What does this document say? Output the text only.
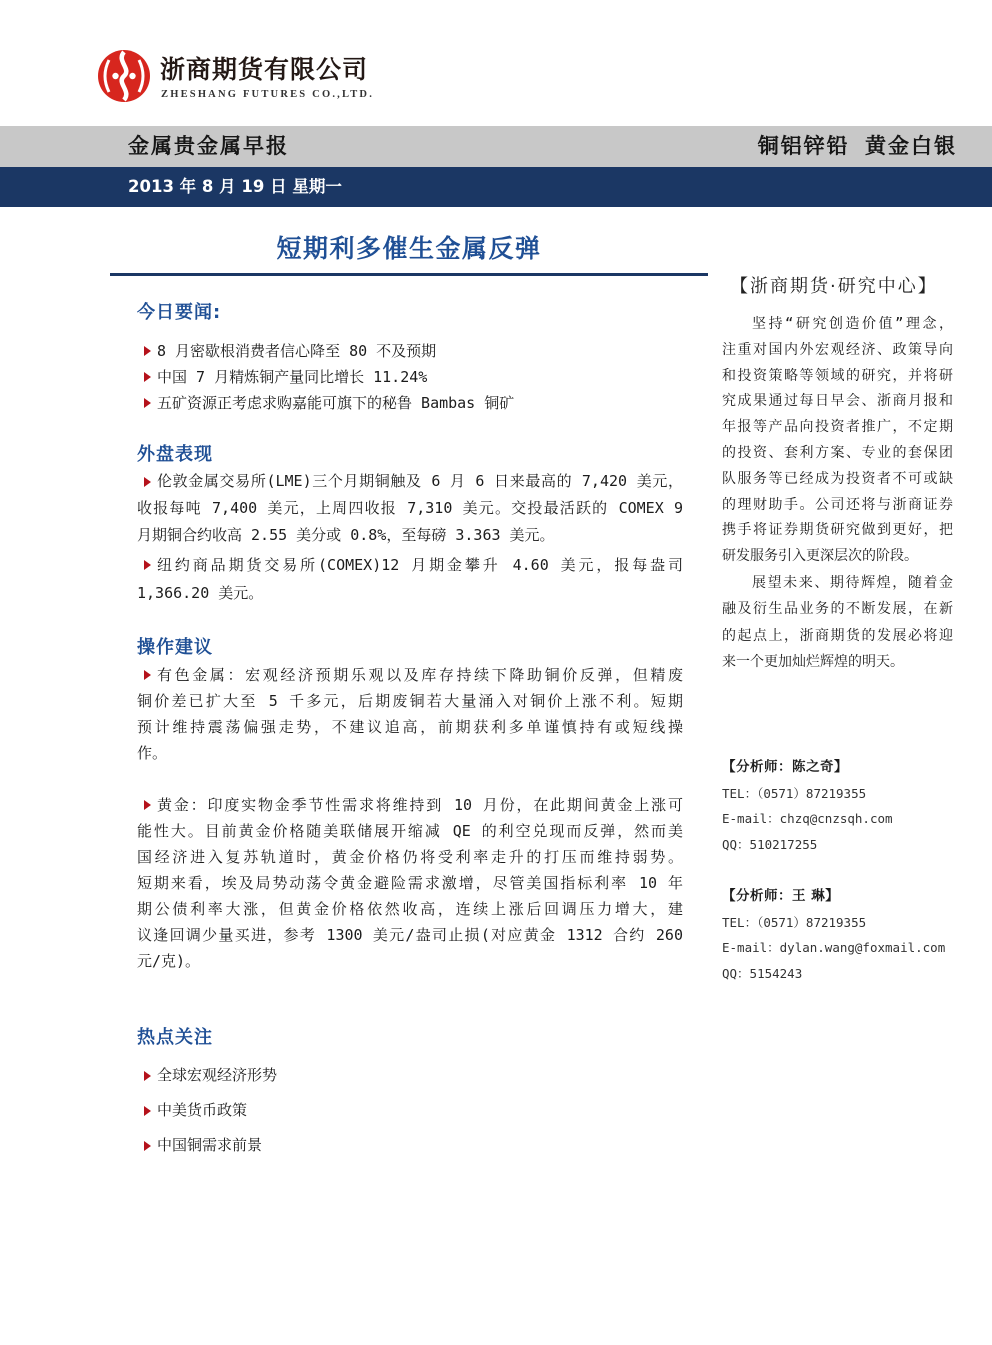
浙商期货有限公司
ZHESHANG FUTURES CO.,LTD.
金属贵金属早报	铜铝锌铅 黄金白银
2013 年 8 月 19 日 星期一
短期利多催生金属反弹
今日要闻:
8 月密歇根消费者信心降至 80 不及预期
中国 7 月精炼铜产量同比增长 11.24%
五矿资源正考虑求购嘉能可旗下的秘鲁 Bambas 铜矿
外盘表现
伦敦金属交易所(LME)三个月期铜触及 6 月 6 日来最高的 7,420 美元，
收报每吨 7,400 美元，上周四收报 7,310 美元。交投最活跃的 COMEX 9
月期铜合约收高 2.55 美分或 0.8%，至每磅 3.363 美元。
纽约商品期货交易所(COMEX)12 月期金攀升 4.60 美元，报每盎司
1,366.20 美元。
操作建议
有色金属：宏观经济预期乐观以及库存持续下降助铜价反弹，但精废
铜价差已扩大至 5 千多元，后期废铜若大量涌入对铜价上涨不利。短期
预计维持震荡偏强走势，不建议追高，前期获利多单谨慎持有或短线操
作。
黄金：印度实物金季节性需求将维持到 10 月份，在此期间黄金上涨可
能性大。目前黄金价格随美联储展开缩减 QE 的利空兑现而反弹，然而美
国经济进入复苏轨道时，黄金价格仍将受利率走升的打压而维持弱势。
短期来看，埃及局势动荡令黄金避险需求激增，尽管美国指标利率 10 年
期公债利率大涨，但黄金价格依然收高，连续上涨后回调压力增大，建
议逢回调少量买进，参考 1300 美元/盎司止损(对应黄金 1312 合约 260
元/克)。
热点关注
全球宏观经济形势
中美货币政策
中国铜需求前景
【浙商期货·研究中心】
坚持“研究创造价值”理念，
注重对国内外宏观经济、政策导向
和投资策略等领域的研究，并将研
究成果通过每日早会、浙商月报和
年报等产品向投资者推广，不定期
的投资、套利方案、专业的套保团
队服务等已经成为投资者不可或缺
的理财助手。公司还将与浙商证券
携手将证券期货研究做到更好，把
研发服务引入更深层次的阶段。
展望未来、期待辉煌，随着金
融及衍生品业务的不断发展，在新
的起点上，浙商期货的发展必将迎
来一个更加灿烂辉煌的明天。
【分析师：陈之奇】
TEL：（0571）87219355
E-mail：chzq@cnzsqh.com
QQ：510217255
【分析师：王 琳】
TEL：（0571）87219355
E-mail：dylan.wang@foxmail.com
QQ：5154243
